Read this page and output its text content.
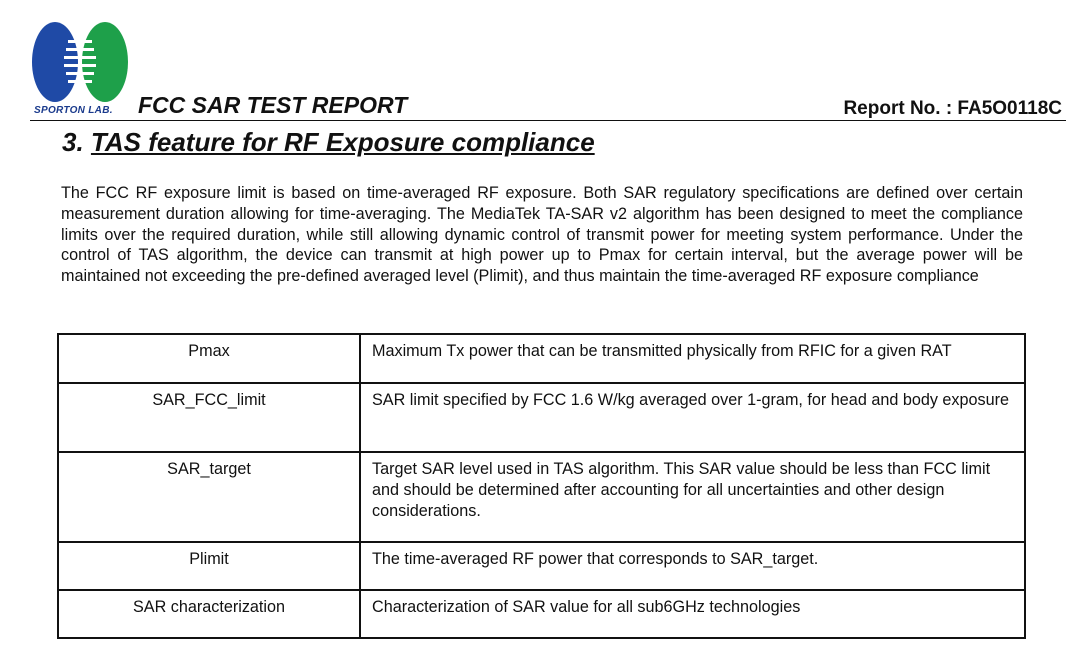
SPORTON LAB. FCC SAR TEST REPORT	Report No. : FA5O0118C
3. TAS feature for RF Exposure compliance
The FCC RF exposure limit is based on time-averaged RF exposure. Both SAR regulatory specifications are defined over certain measurement duration allowing for time-averaging. The MediaTek TA-SAR v2 algorithm has been designed to meet the compliance limits over the required duration, while still allowing dynamic control of transmit power for meeting system performance. Under the control of TAS algorithm, the device can transmit at high power up to Pmax for certain interval, but the average power will be maintained not exceeding the pre-defined averaged level (Plimit), and thus maintain the time-averaged RF exposure compliance
Pmax	Maximum Tx power that can be transmitted physically from RFIC for a given RAT
SAR_FCC_limit	SAR limit specified by FCC 1.6 W/kg averaged over 1-gram, for head and body exposure
SAR_target	Target SAR level used in TAS algorithm. This SAR value should be less than FCC limit and should be determined after accounting for all uncertainties and other design considerations.
Plimit	The time-averaged RF power that corresponds to SAR_target.
SAR characterization	Characterization of SAR value for all sub6GHz technologies
